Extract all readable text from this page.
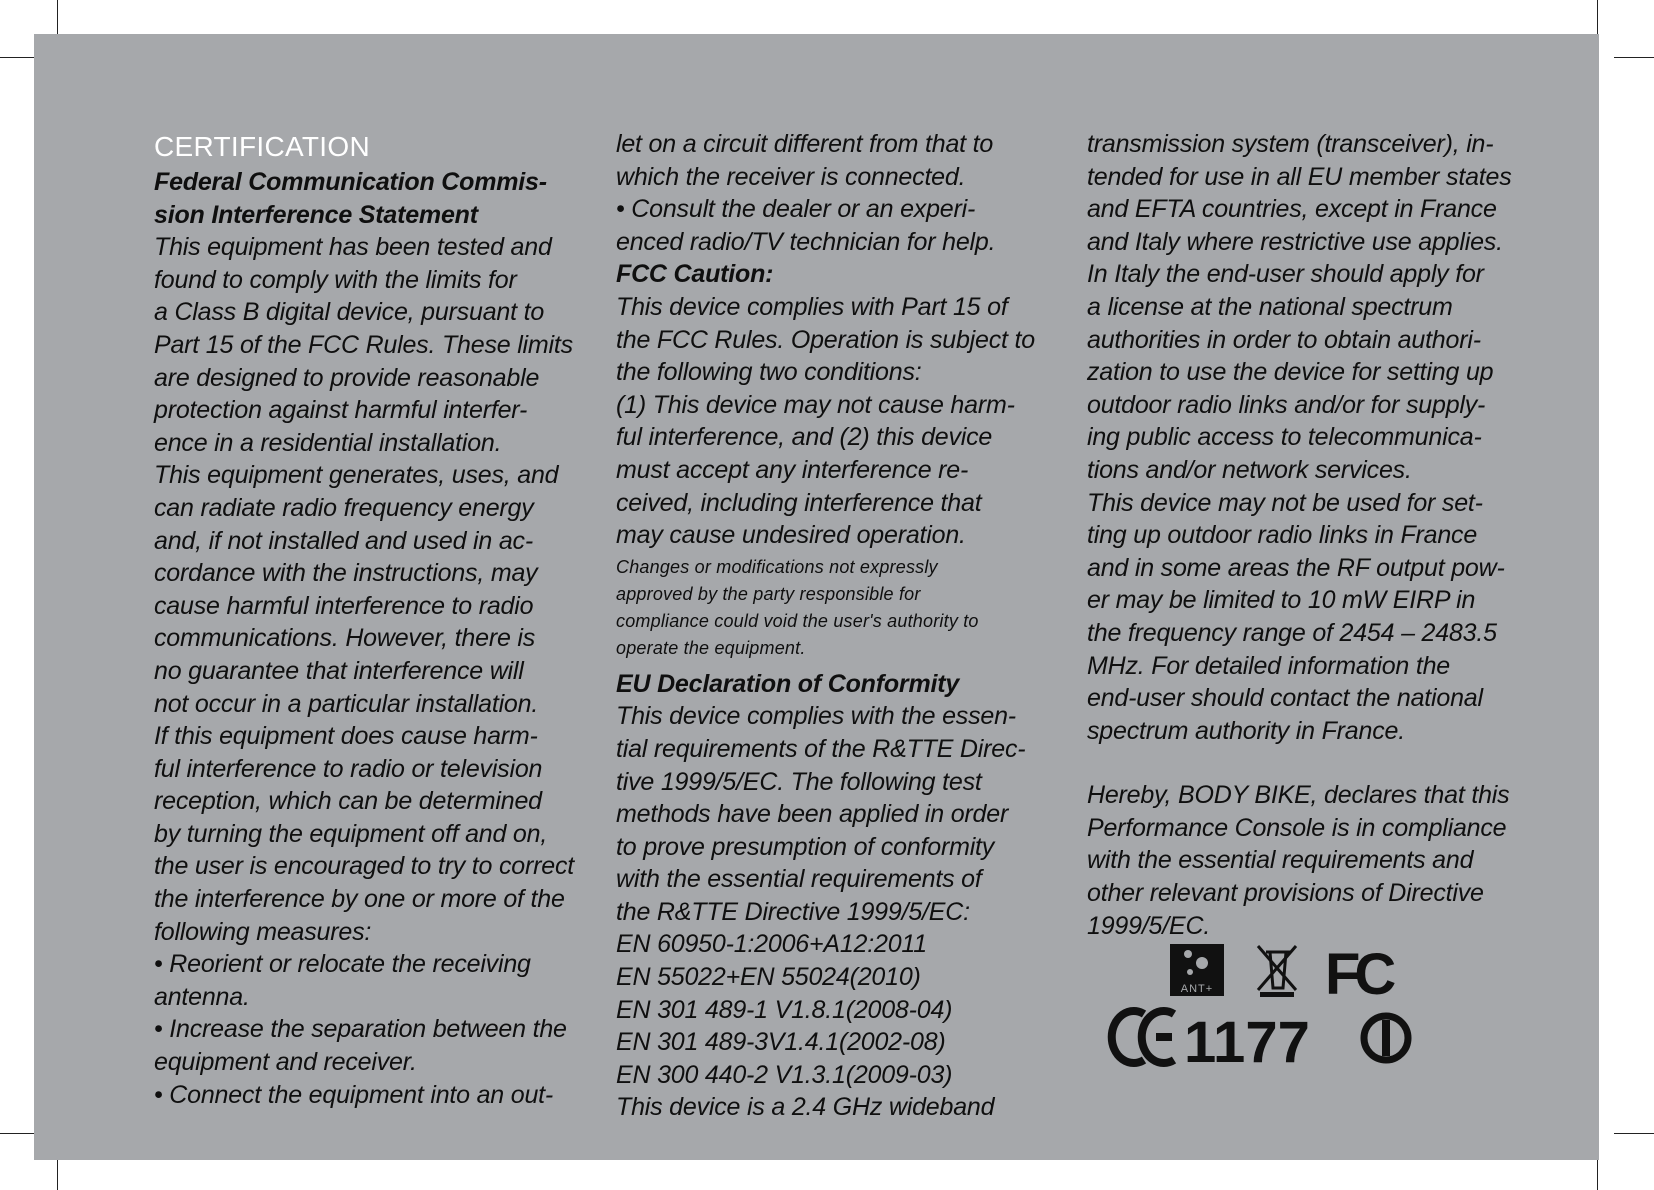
CERTIFICATION
Federal Communication Commis-
sion Interference Statement
This equipment has been tested and
found to comply with the limits for
a Class B digital device, pursuant to
Part 15 of the FCC Rules. These limits
are designed to provide reasonable
protection against harmful interfer-
ence in a residential installation.
This equipment generates, uses, and
can radiate radio frequency energy
and, if not installed and used in ac-
cordance with the instructions, may
cause harmful interference to radio
communications. However, there is
no guarantee that interference will
not occur in a particular installation.
If this equipment does cause harm-
ful interference to radio or television
reception, which can be determined
by turning the equipment off and on,
the user is encouraged to try to correct
the interference by one or more of the
following measures:
• Reorient or relocate the receiving
antenna.
• Increase the separation between the
equipment and receiver.
• Connect the equipment into an out-
let on a circuit different from that to
which the receiver is connected.
• Consult the dealer or an experi-
enced radio/TV technician for help.
FCC Caution:
This device complies with Part 15 of
the FCC Rules. Operation is subject to
the following two conditions:
(1) This device may not cause harm-
ful interference, and (2) this device
must accept any interference re-
ceived, including interference that
may cause undesired operation.
Changes or modifications not expressly
approved by the party responsible for
compliance could void the user's authority to
operate the equipment.
EU Declaration of Conformity
This device complies with the essen-
tial requirements of the R&TTE Direc-
tive 1999/5/EC. The following test
methods have been applied in order
to prove presumption of conformity
with the essential requirements of
the R&TTE Directive 1999/5/EC:
EN 60950-1:2006+A12:2011
EN 55022+EN 55024(2010)
EN 301 489-1 V1.8.1(2008-04)
EN 301 489-3V1.4.1(2002-08)
EN 300 440-2 V1.3.1(2009-03)
This device is a 2.4 GHz wideband
transmission system (transceiver), in-
tended for use in all EU member states
and EFTA countries, except in France
and Italy where restrictive use applies.
In Italy the end-user should apply for
a license at the national spectrum
authorities in order to obtain authori-
zation to use the device for setting up
outdoor radio links and/or for supply-
ing public access to telecommunica-
tions and/or network services.
This device may not be used for set-
ting up outdoor radio links in France
and in some areas the RF output pow-
er may be limited to 10 mW EIRP in
the frequency range of 2454 – 2483.5
MHz. For detailed information the
end-user should contact the national
spectrum authority in France.
Hereby, BODY BIKE, declares that this
Performance Console is in compliance
with the essential requirements and
other relevant provisions of Directive
1999/5/EC.
ANT+ FC
1177
